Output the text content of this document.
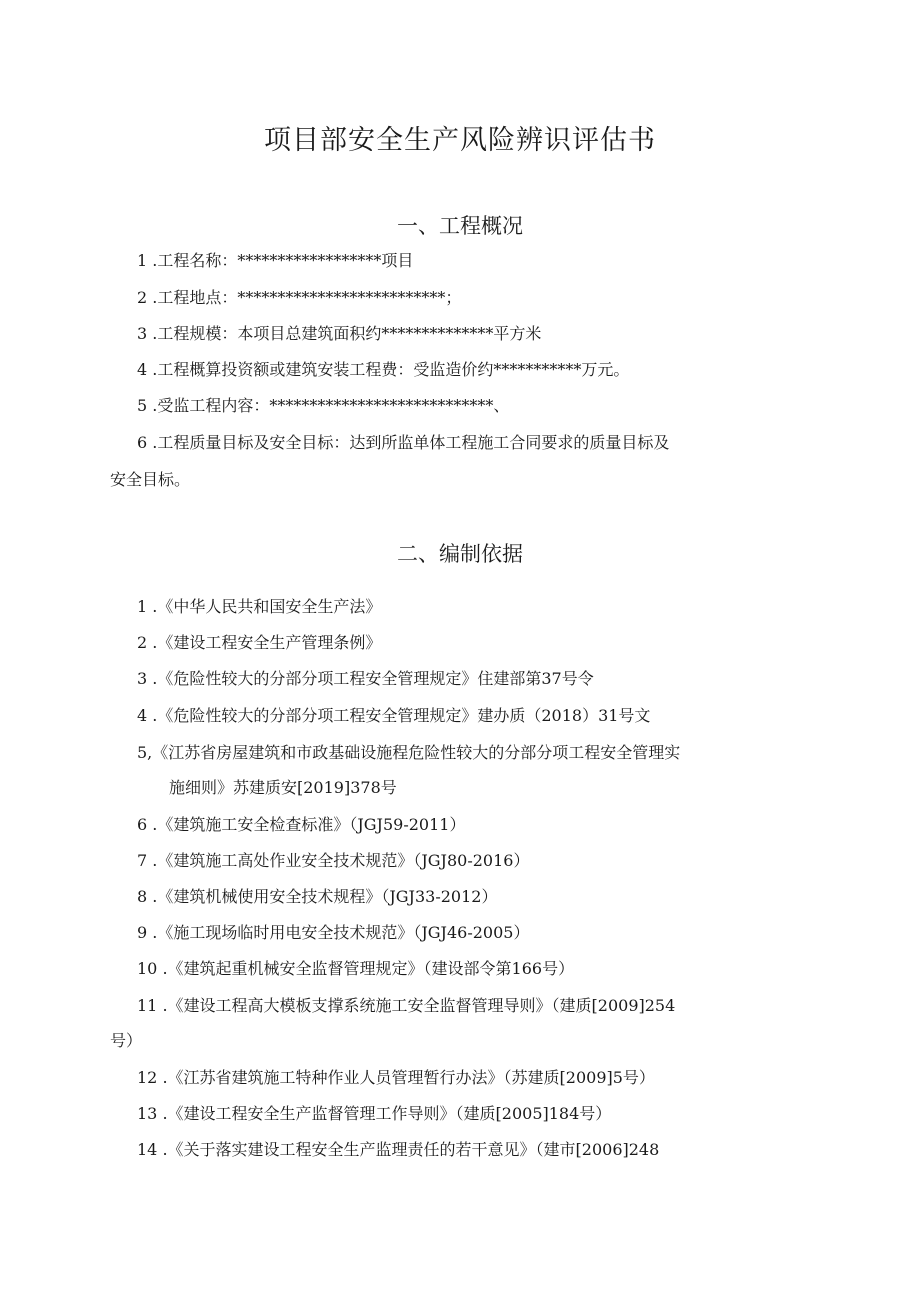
项目部安全生产风险辨识评估书
一、工程概况
1 .工程名称：******************项目
2 .工程地点：**************************；
3 .工程规模：本项目总建筑面积约**************平方米
4 .工程概算投资额或建筑安装工程费：受监造价约***********万元。
5 .受监工程内容：****************************、
6 .工程质量目标及安全目标：达到所监单体工程施工合同要求的质量目标及
安全目标。
二、编制依据
1 .《中华人民共和国安全生产法》
2 .《建设工程安全生产管理条例》
3 .《危险性较大的分部分项工程安全管理规定》住建部第37号令
4 .《危险性较大的分部分项工程安全管理规定》建办质（2018）31号文
5,《江苏省房屋建筑和市政基础设施程危险性较大的分部分项工程安全管理实
施细则》苏建质安[2019]378号
6 .《建筑施工安全检查标准》（JGJ59-2011）
7 .《建筑施工高处作业安全技术规范》（JGJ80-2016）
8 .《建筑机械使用安全技术规程》（JGJ33-2012）
9 .《施工现场临时用电安全技术规范》（JGJ46-2005）
10 .《建筑起重机械安全监督管理规定》（建设部令第166号）
11 .《建设工程高大模板支撑系统施工安全监督管理导则》（建质[2009]254
号）
12 .《江苏省建筑施工特种作业人员管理暂行办法》（苏建质[2009]5号）
13 .《建设工程安全生产监督管理工作导则》（建质[2005]184号）
14 .《关于落实建设工程安全生产监理责任的若干意见》（建市[2006]248
